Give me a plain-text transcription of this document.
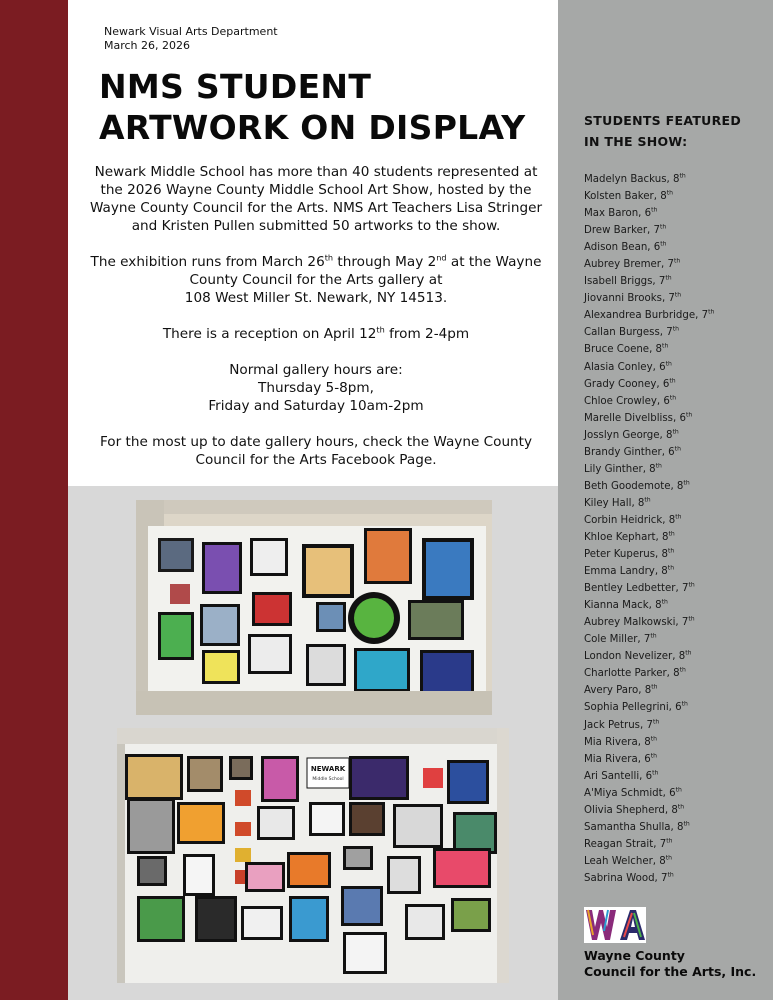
Newark Visual Arts Department
March 26, 2026
NMS STUDENT
ARTWORK ON DISPLAY

Newark Middle School has more than 40 students represented at the 2026 Wayne County Middle School Art Show, hosted by the Wayne County Council for the Arts. NMS Art Teachers Lisa Stringer and Kristen Pullen submitted 50 artworks to the show.

The exhibition runs from March 26th through May 2nd at the Wayne County Council for the Arts gallery at
108 West Miller St. Newark, NY 14513.

There is a reception on April 12th from 2-4pm

Normal gallery hours are:
Thursday 5-8pm,
Friday and Saturday 10am-2pm

For the most up to date gallery hours, check the Wayne County Council for the Arts Facebook Page.

NEWARK
Middle School
STUDENTS FEATURED
IN THE SHOW:
Madelyn Backus, 8th
Kolsten Baker, 8th
Max Baron, 6th
Drew Barker, 7th
Adison Bean, 6th
Aubrey Bremer, 7th
Isabell Briggs, 7th
Jiovanni Brooks, 7th
Alexandrea Burbridge, 7th
Callan Burgess, 7th
Bruce Coene, 8th
Alasia Conley, 6th
Grady Cooney, 6th
Chloe Crowley, 6th
Marelle Divelbliss, 6th
Josslyn George, 8th
Brandy Ginther, 6th
Lily Ginther, 8th
Beth Goodemote, 8th
Kiley Hall, 8th
Corbin Heidrick, 8th
Khloe Kephart, 8th
Peter Kuperus, 8th
Emma Landry, 8th
Bentley Ledbetter, 7th
Kianna Mack, 8th
Aubrey Malkowski, 7th
Cole Miller, 7th
London Nevelizer, 8th
Charlotte Parker, 8th
Avery Paro, 8th
Sophia Pellegrini, 6th
Jack Petrus, 7th
Mia Rivera, 8th
Mia Rivera, 6th
Ari Santelli, 6th
A'Miya Schmidt, 6th
Olivia Shepherd, 8th
Samantha Shulla, 8th
Reagan Strait, 7th
Leah Welcher, 8th
Sabrina Wood, 7th
Wayne County
Council for the Arts, Inc.
